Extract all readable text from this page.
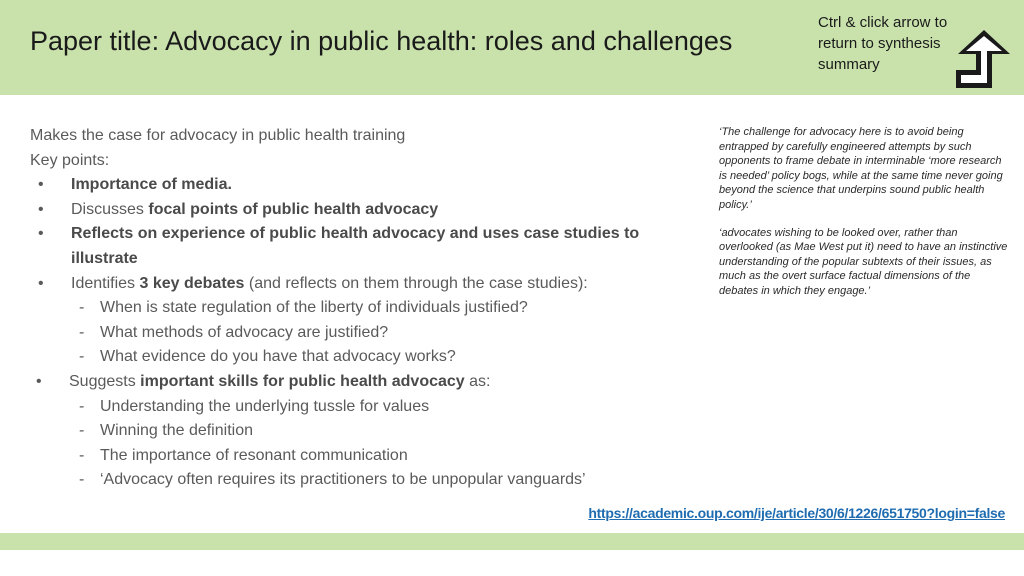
Paper title: Advocacy in public health: roles and challenges
Ctrl & click arrow to return to synthesis summary
Makes the case for advocacy in public health training
Key points:
• Importance of media.
• Discusses focal points of public health advocacy
• Reflects on experience of public health advocacy and uses case studies to
illustrate
• Identifies 3 key debates (and reflects on them through the case studies):
- When is state regulation of the liberty of individuals justified?
- What methods of advocacy are justified?
- What evidence do you have that advocacy works?
• Suggests important skills for public health advocacy as:
- Understanding the underlying tussle for values
- Winning the definition
- The importance of resonant communication
- ‘Advocacy often requires its practitioners to be unpopular vanguards’
‘The challenge for advocacy here is to avoid being entrapped by carefully engineered attempts by such opponents to frame debate in interminable ‘more research is needed’ policy bogs, while at the same time never going beyond the science that underpins sound public health policy.’
‘advocates wishing to be looked over, rather than overlooked (as Mae West put it) need to have an instinctive understanding of the popular subtexts of their issues, as much as the overt surface factual dimensions of the debates in which they engage.’
https://academic.oup.com/ije/article/30/6/1226/651750?login=false
